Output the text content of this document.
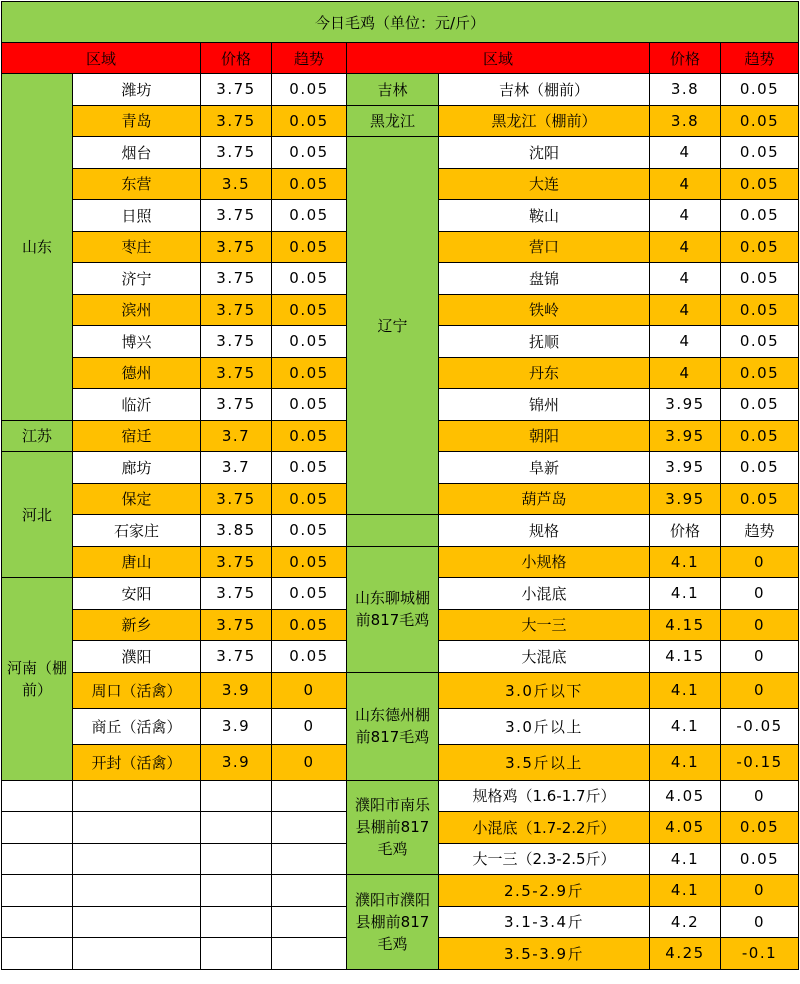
今日毛鸡（单位：元/斤）							
区域		价格	趋势	区域		价格	趋势
山东	潍坊	3.75	0.05	吉林	吉林（棚前）	3.8	0.05
	青岛	3.75	0.05	黑龙江	黑龙江（棚前）	3.8	0.05
	烟台	3.75	0.05	辽宁	沈阳	4	0.05
	东营	3.5	0.05		大连	4	0.05
	日照	3.75	0.05		鞍山	4	0.05
	枣庄	3.75	0.05		营口	4	0.05
	济宁	3.75	0.05		盘锦	4	0.05
	滨州	3.75	0.05		铁岭	4	0.05
	博兴	3.75	0.05		抚顺	4	0.05
	德州	3.75	0.05		丹东	4	0.05
	临沂	3.75	0.05		锦州	3.95	0.05
江苏	宿迁	3.7	0.05		朝阳	3.95	0.05
河北	廊坊	3.7	0.05		阜新	3.95	0.05
	保定	3.75	0.05		葫芦岛	3.95	0.05
	石家庄	3.85	0.05		规格	价格	趋势
	唐山	3.75	0.05	山东聊城棚前817毛鸡	小规格	4.1	0
河南（棚前）	安阳	3.75	0.05		小混底	4.1	0
	新乡	3.75	0.05		大一三	4.15	0
	濮阳	3.75	0.05		大混底	4.15	0
	周口（活禽）	3.9	0	山东德州棚前817毛鸡	3.0斤以下	4.1	0
	商丘（活禽）	3.9	0		3.0斤以上	4.1	-0.05
	开封（活禽）	3.9	0		3.5斤以上	4.1	-0.15
				濮阳市南乐县棚前817毛鸡	规格鸡（1.6-1.7斤）	4.05	0
					小混底（1.7-2.2斤）	4.05	0.05
					大一三（2.3-2.5斤）	4.1	0.05
				濮阳市濮阳县棚前817毛鸡	2.5-2.9斤	4.1	0
					3.1-3.4斤	4.2	0
					3.5-3.9斤	4.25	-0.1
